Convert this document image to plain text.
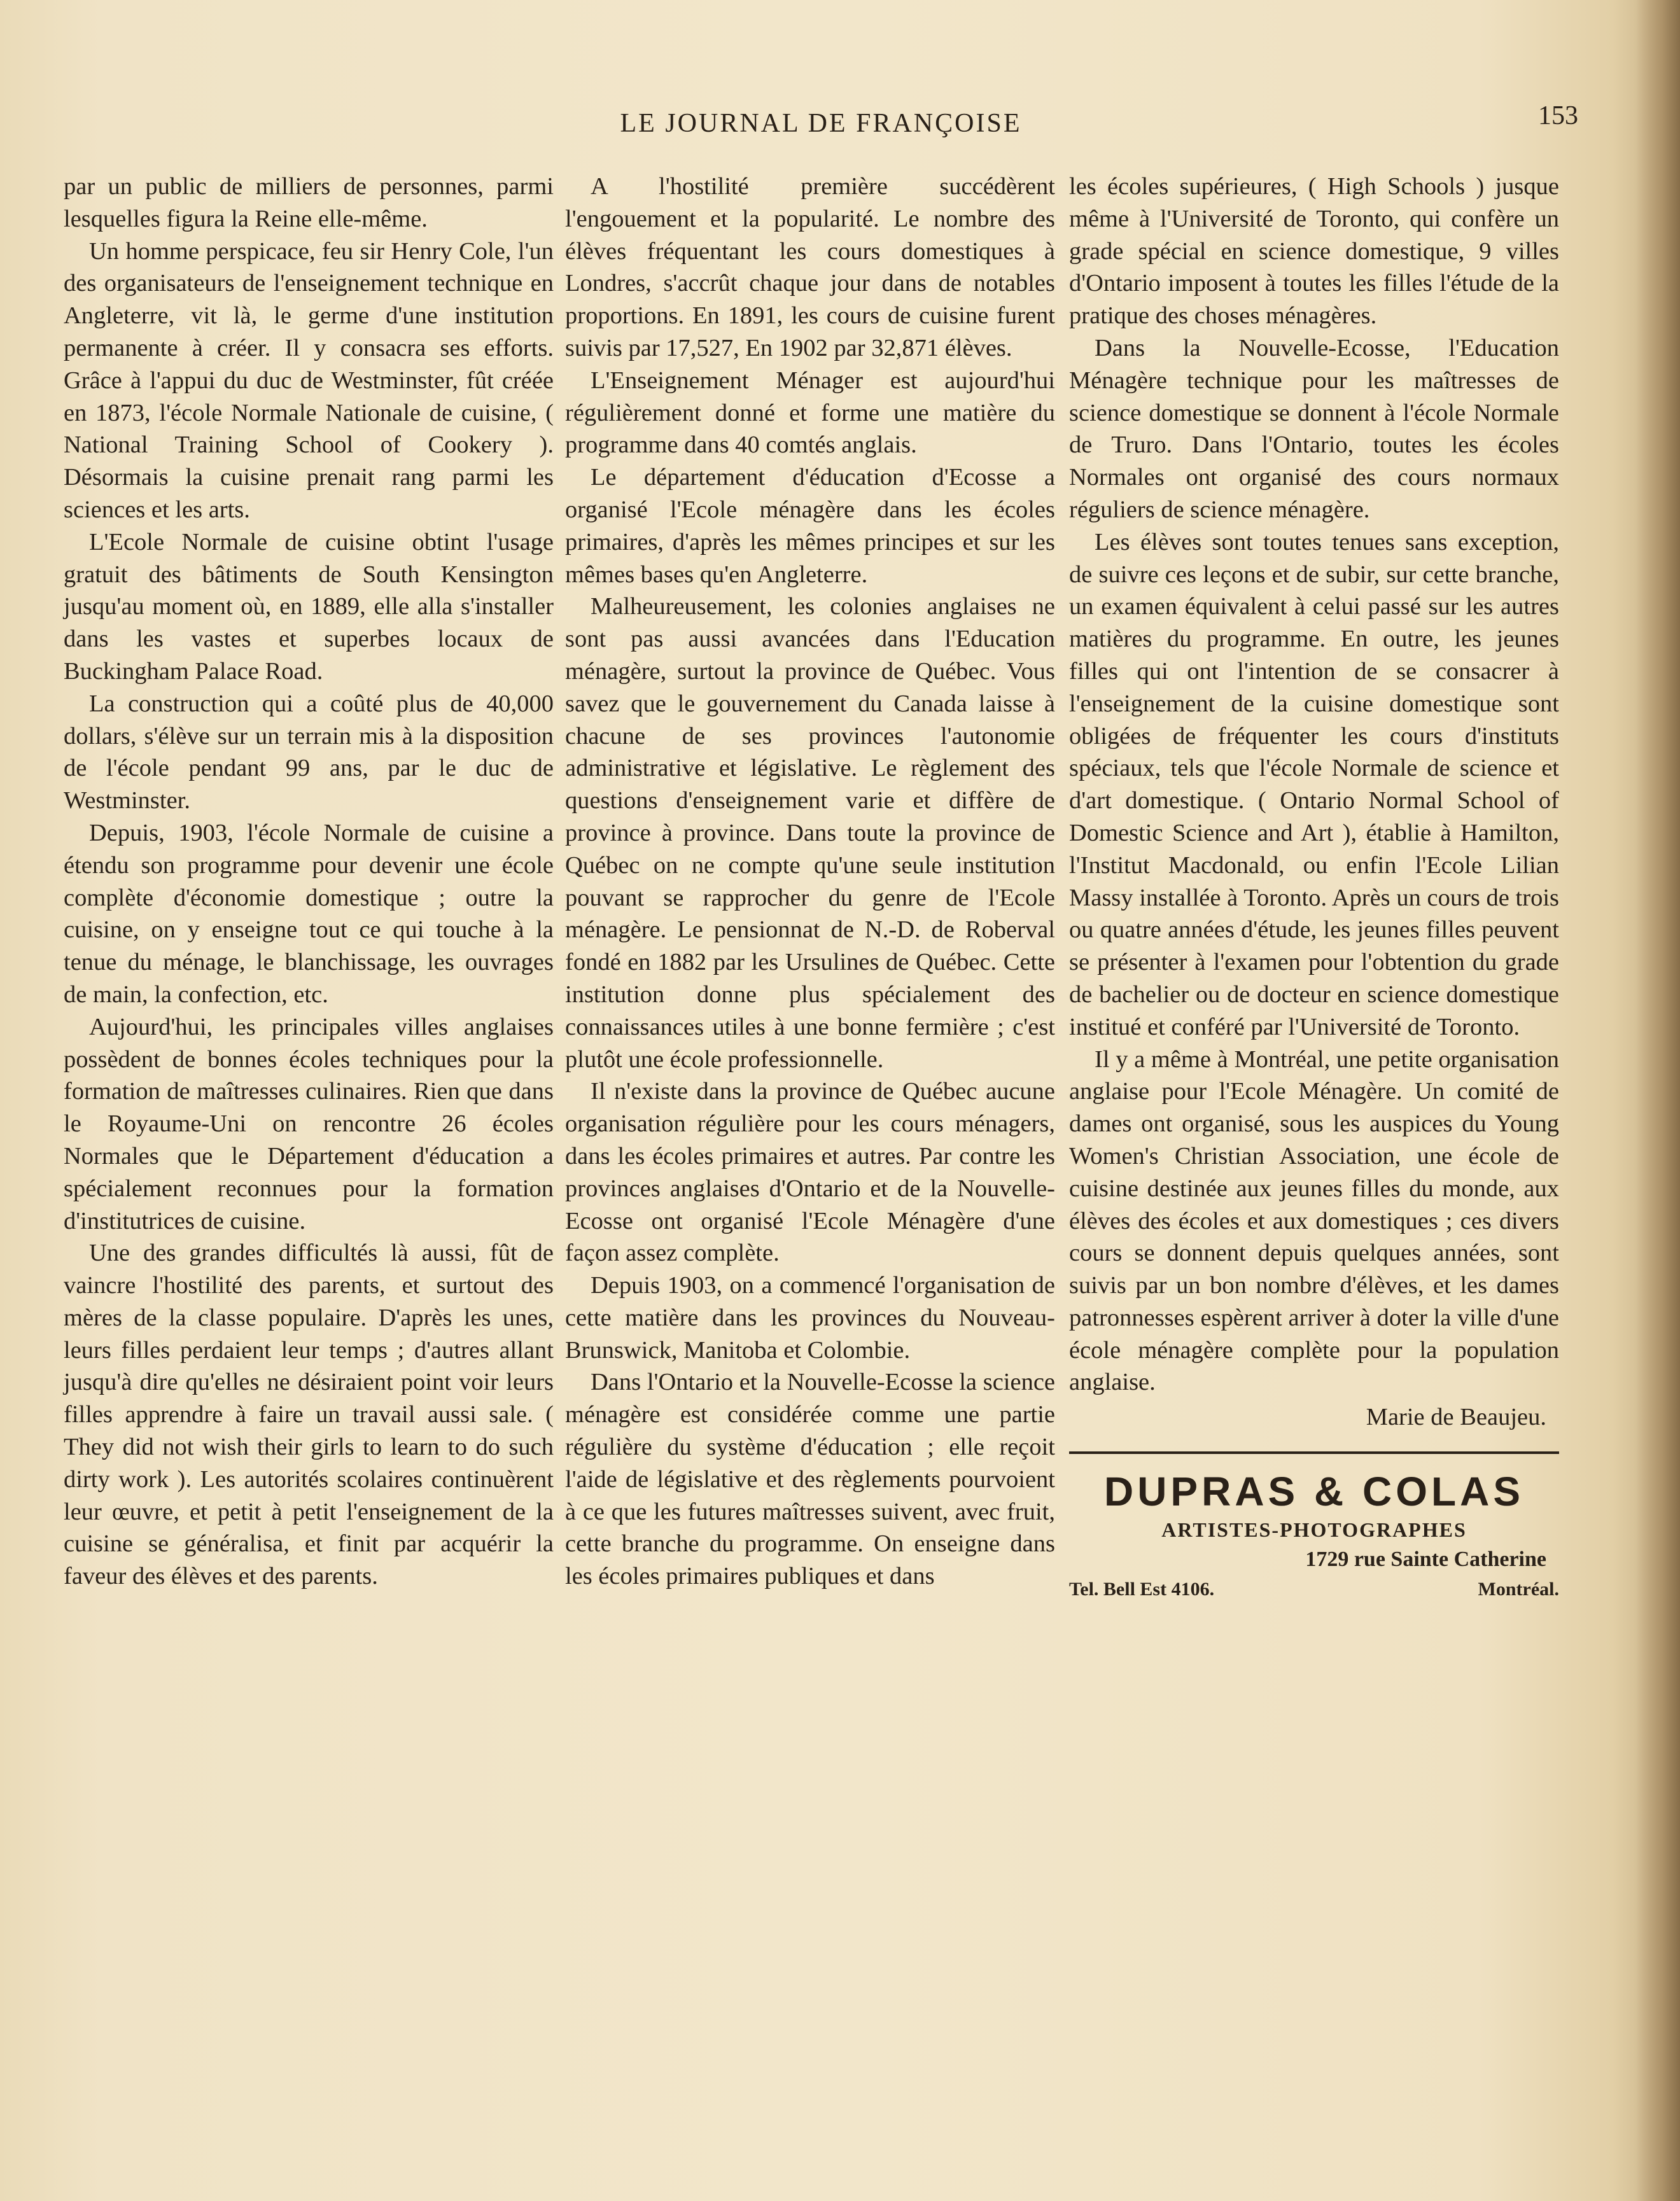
LE JOURNAL DE FRANÇOISE	153

par un public de milliers de personnes, parmi lesquelles figura la Reine elle-même.

Un homme perspicace, feu sir Henry Cole, l'un des organisateurs de l'enseignement technique en Angleterre, vit là, le germe d'une institution permanente à créer. Il y consacra ses efforts. Grâce à l'appui du duc de Westminster, fût créée en 1873, l'école Normale Nationale de cuisine, ( National Training School of Cookery ). Désormais la cuisine prenait rang parmi les sciences et les arts.

L'Ecole Normale de cuisine obtint l'usage gratuit des bâtiments de South Kensington jusqu'au moment où, en 1889, elle alla s'installer dans les vastes et superbes locaux de Buckingham Palace Road.

La construction qui a coûté plus de 40,000 dollars, s'élève sur un terrain mis à la disposition de l'école pendant 99 ans, par le duc de Westminster.

Depuis, 1903, l'école Normale de cuisine a étendu son programme pour devenir une école complète d'économie domestique ; outre la cuisine, on y enseigne tout ce qui touche à la tenue du ménage, le blanchissage, les ouvrages de main, la confection, etc.

Aujourd'hui, les principales villes anglaises possèdent de bonnes écoles techniques pour la formation de maîtresses culinaires. Rien que dans le Royaume-Uni on rencontre 26 écoles Normales que le Département d'éducation a spécialement reconnues pour la formation d'institutrices de cuisine.

Une des grandes difficultés là aussi, fût de vaincre l'hostilité des parents, et surtout des mères de la classe populaire. D'après les unes, leurs filles perdaient leur temps ; d'autres allant jusqu'à dire qu'elles ne désiraient point voir leurs filles apprendre à faire un travail aussi sale. ( They did not wish their girls to learn to do such dirty work ). Les autorités scolaires continuèrent leur œuvre, et petit à petit l'enseignement de la cuisine se généralisa, et finit par acquérir la faveur des élèves et des parents.

A l'hostilité première succédèrent l'engouement et la popularité. Le nombre des élèves fréquentant les cours domestiques à Londres, s'accrût chaque jour dans de notables proportions. En 1891, les cours de cuisine furent suivis par 17,527, En 1902 par 32,871 élèves.

L'Enseignement Ménager est aujourd'hui régulièrement donné et forme une matière du programme dans 40 comtés anglais.

Le département d'éducation d'Ecosse a organisé l'Ecole ménagère dans les écoles primaires, d'après les mêmes principes et sur les mêmes bases qu'en Angleterre.

Malheureusement, les colonies anglaises ne sont pas aussi avancées dans l'Education ménagère, surtout la province de Québec. Vous savez que le gouvernement du Canada laisse à chacune de ses provinces l'autonomie administrative et législative. Le règlement des questions d'enseignement varie et diffère de province à province. Dans toute la province de Québec on ne compte qu'une seule institution pouvant se rapprocher du genre de l'Ecole ménagère. Le pensionnat de N.-D. de Roberval fondé en 1882 par les Ursulines de Québec. Cette institution donne plus spécialement des connaissances utiles à une bonne fermière ; c'est plutôt une école professionnelle.

Il n'existe dans la province de Québec aucune organisation régulière pour les cours ménagers, dans les écoles primaires et autres. Par contre les provinces anglaises d'Ontario et de la Nouvelle-Ecosse ont organisé l'Ecole Ménagère d'une façon assez complète.

Depuis 1903, on a commencé l'organisation de cette matière dans les provinces du Nouveau-Brunswick, Manitoba et Colombie.

Dans l'Ontario et la Nouvelle-Ecosse la science ménagère est considérée comme une partie régulière du système d'éducation ; elle reçoit l'aide de législative et des règlements pourvoient à ce que les futures maîtresses suivent, avec fruit, cette branche du programme. On enseigne dans les écoles primaires publiques et dans

les écoles supérieures, ( High Schools ) jusque même à l'Université de Toronto, qui confère un grade spécial en science domestique, 9 villes d'Ontario imposent à toutes les filles l'étude de la pratique des choses ménagères.

Dans la Nouvelle-Ecosse, l'Education Ménagère technique pour les maîtresses de science domestique se donnent à l'école Normale de Truro. Dans l'Ontario, toutes les écoles Normales ont organisé des cours normaux réguliers de science ménagère.

Les élèves sont toutes tenues sans exception, de suivre ces leçons et de subir, sur cette branche, un examen équivalent à celui passé sur les autres matières du programme. En outre, les jeunes filles qui ont l'intention de se consacrer à l'enseignement de la cuisine domestique sont obligées de fréquenter les cours d'instituts spéciaux, tels que l'école Normale de science et d'art domestique. ( Ontario Normal School of Domestic Science and Art ), établie à Hamilton, l'Institut Macdonald, ou enfin l'Ecole Lilian Massy installée à Toronto. Après un cours de trois ou quatre années d'étude, les jeunes filles peuvent se présenter à l'examen pour l'obtention du grade de bachelier ou de docteur en science domestique institué et conféré par l'Université de Toronto.

Il y a même à Montréal, une petite organisation anglaise pour l'Ecole Ménagère. Un comité de dames ont organisé, sous les auspices du Young Women's Christian Association, une école de cuisine destinée aux jeunes filles du monde, aux élèves des écoles et aux domestiques ; ces divers cours se donnent depuis quelques années, sont suivis par un bon nombre d'élèves, et les dames patronnesses espèrent arriver à doter la ville d'une école ménagère complète pour la population anglaise.

Marie de Beaujeu.

DUPRAS & COLAS
ARTISTES-PHOTOGRAPHES
1729 rue Sainte Catherine
Tel. Bell Est 4106.	Montréal.
